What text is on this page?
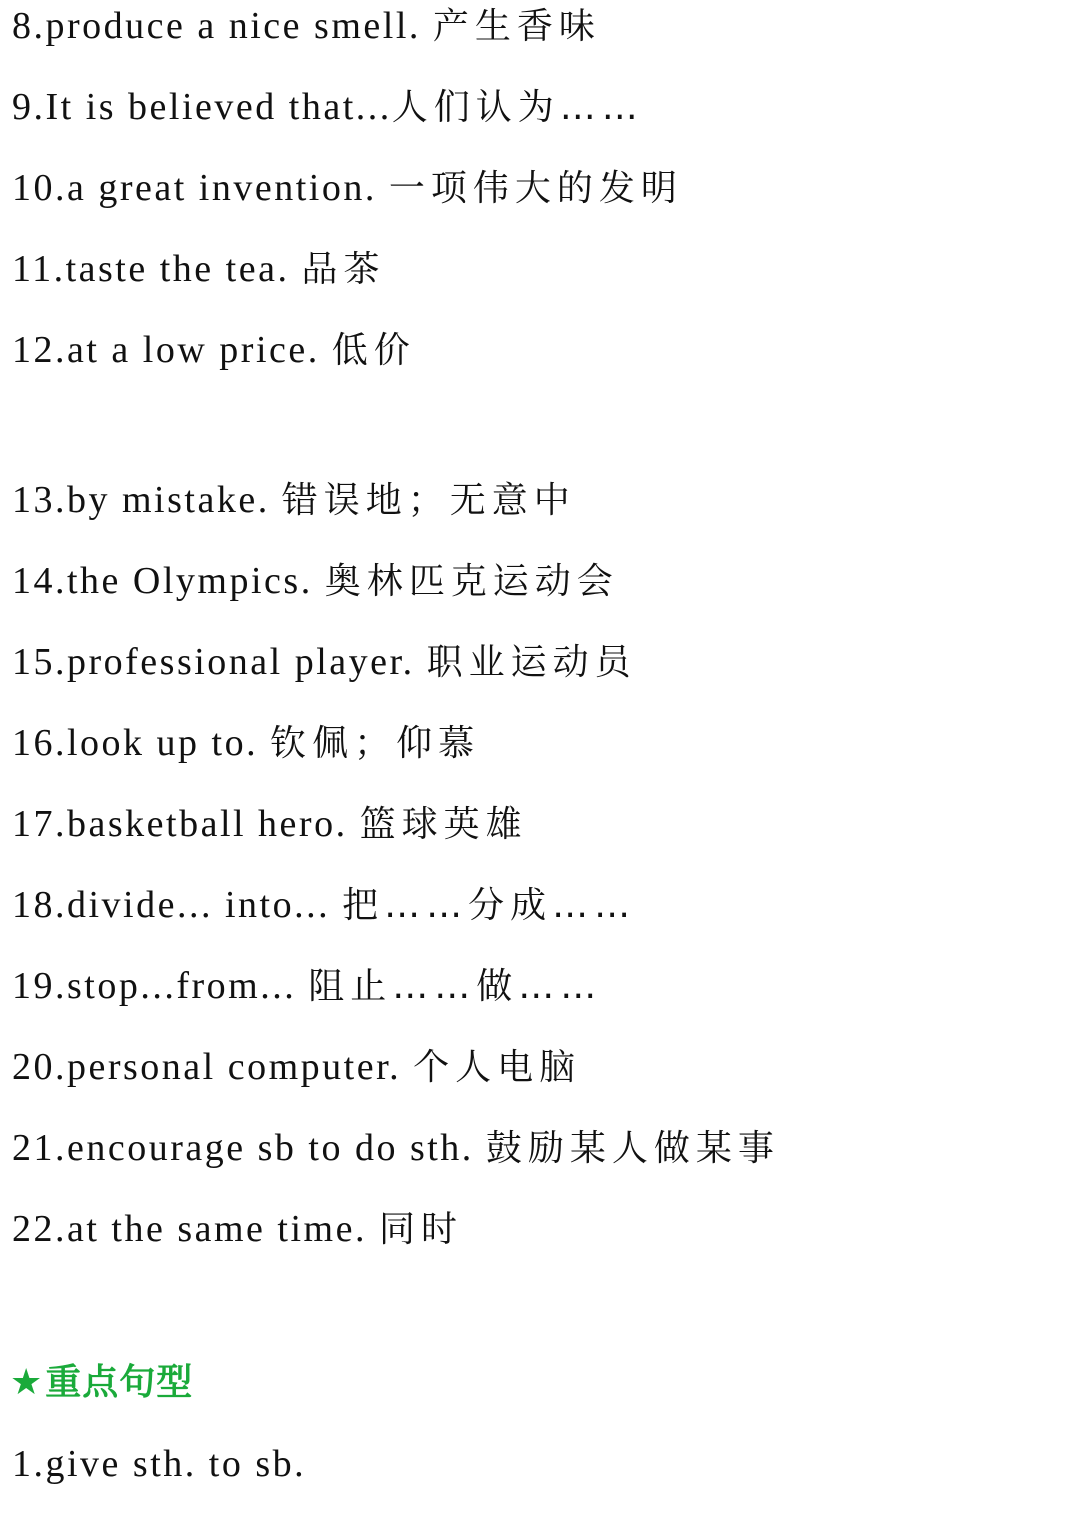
8.produce a nice smell. 产生香味

9.It is believed that...人们认为……

10.a great invention. 一项伟大的发明

11.taste the tea. 品茶

12.at a low price. 低价

13.by mistake. 错误地；无意中

14.the Olympics. 奥林匹克运动会

15.professional player. 职业运动员

16.look up to. 钦佩；仰慕

17.basketball hero. 篮球英雄

18.divide... into... 把……分成……

19.stop...from... 阻止……做……

20.personal computer. 个人电脑

21.encourage sb to do sth. 鼓励某人做某事

22.at the same time. 同时

★重点句型

1.give sth. to sb.
